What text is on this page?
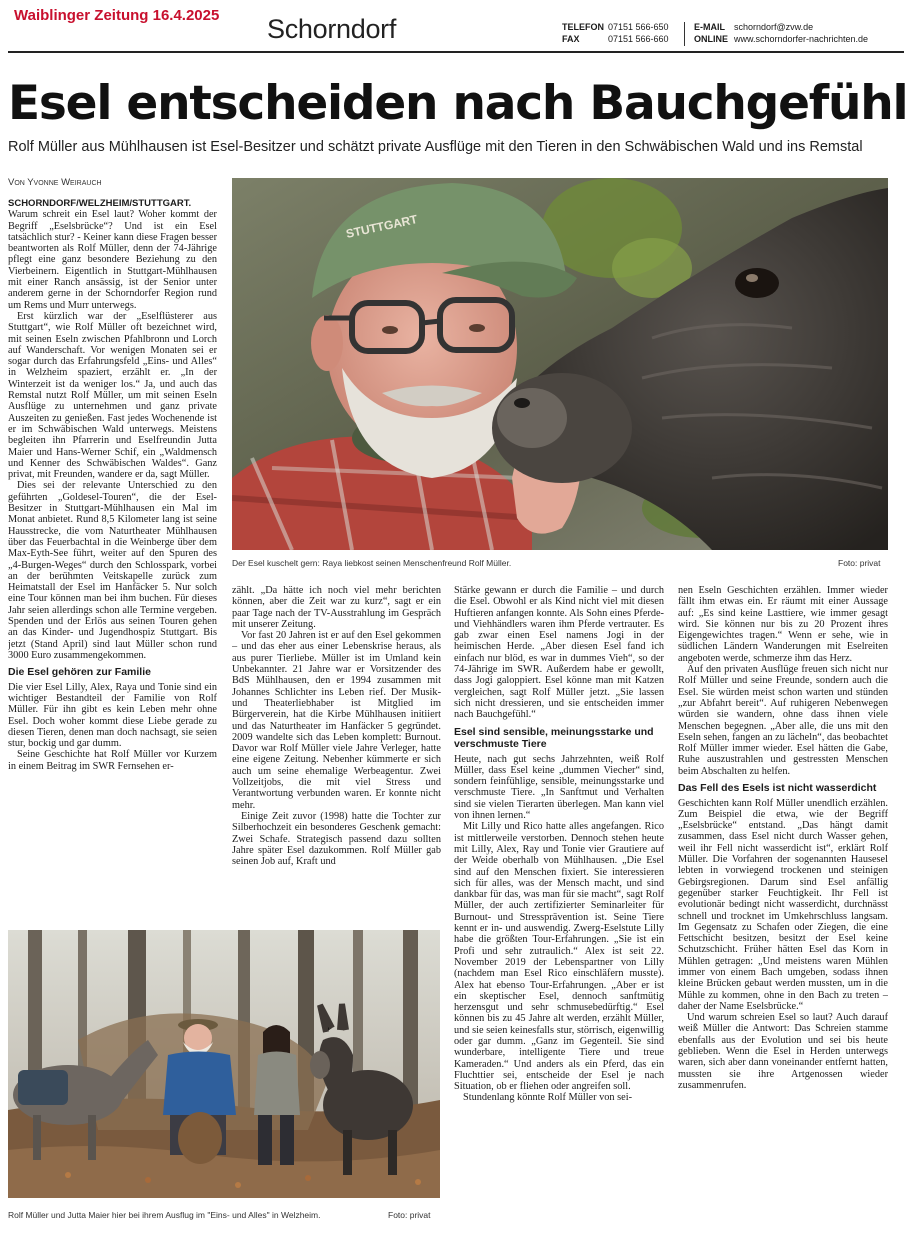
Waiblinger Zeitung 16.4.2025 Schorndorf	TELEFON 07151 566-650
FAX	07151 566-660
E-MAIL schorndorf@zvw.de
ONLINE www.schorndorfer-nachrichten.de
Esel entscheiden nach Bauchgefühl
Rolf Müller aus Mühlhausen ist Esel-Besitzer und schätzt private Ausflüge mit den Tieren in den Schwäbischen Wald und ins Remstal
Von Yvonne Weirauch
STUTTGART
Der Esel kuschelt gern: Raya liebkost seinen Menschenfreund Rolf Müller.	Foto: privat
Rolf Müller und Jutta Maier hier bei ihrem Ausflug im "Eins- und Alles" in Welzheim.	Foto: privat

SCHORNDORF/WELZHEIM/STUTTGART. Warum schreit ein Esel laut? Woher kommt der Begriff „Eselsbrücke“? Und ist ein Esel tatsächlich stur? - Keiner kann diese Fragen besser beantworten als Rolf Müller, denn der 74-Jährige pflegt eine ganz besondere Beziehung zu den Vierbeinern. Eigentlich in Stuttgart-Mühlhausen mit einer Ranch ansässig, ist der Senior unter anderem gerne in der Schorndorfer Region rund um Rems und Murr unterwegs.

Erst kürzlich war der „Eselflüsterer aus Stuttgart“, wie Rolf Müller oft bezeichnet wird, mit seinen Eseln zwischen Pfahlbronn und Lorch auf Wanderschaft. Vor wenigen Monaten sei er sogar durch das Erfahrungsfeld „Eins- und Alles“ in Welzheim spaziert, erzählt er. „In der Winterzeit ist da weniger los.“ Ja, und auch das Remstal nutzt Rolf Müller, um mit seinen Eseln Ausflüge zu unternehmen und ganz private Auszeiten zu genießen. Fast jedes Wochenende ist er im Schwäbischen Wald unterwegs. Meistens begleiten ihn Pfarrerin und Eselfreundin Jutta Maier und Hans-Werner Schif, ein „Waldmensch und Kenner des Schwäbischen Waldes“. Ganz privat, mit Freunden, wandere er da, sagt Müller.

Dies sei der relevante Unterschied zu den geführten „Goldesel-Touren“, die der Esel-Besitzer in Stuttgart-Mühlhausen ein Mal im Monat anbietet. Rund 8,5 Kilometer lang ist seine Hausstrecke, die vom Naturtheater Mühlhausen über das Feuerbachtal in die Weinberge über dem Max-Eyth-See führt, weiter auf den Spuren des „4-Burgen-Weges“ durch den Schlosspark, vorbei an der berühmten Veitskapelle zurück zum Heimatstall der Esel im Hanfäcker 5. Nur solch eine Tour können man bei ihm buchen. Für dieses Jahr seien allerdings schon alle Termine vergeben. Spenden und der Erlös aus seinen Touren gehen an das Kinder- und Jugendhospiz Stuttgart. Bis jetzt (Stand April) sind laut Müller schon rund 3000 Euro zusammengekommen.

Die Esel gehören zur Familie

Die vier Esel Lilly, Alex, Raya und Tonie sind ein wichtiger Bestandteil der Familie von Rolf Müller. Für ihn gibt es kein Leben mehr ohne Esel. Doch woher kommt diese Liebe gerade zu diesen Tieren, denen man doch nachsagt, sie seien stur, bockig und gar dumm.

Seine Geschichte hat Rolf Müller vor Kurzem in einem Beitrag im SWR Fernsehen er-

zählt. „Da hätte ich noch viel mehr berichten können, aber die Zeit war zu kurz“, sagt er ein paar Tage nach der TV-Ausstrahlung im Gespräch mit unserer Zeitung.

Vor fast 20 Jahren ist er auf den Esel gekommen – und das eher aus einer Lebenskrise heraus, als aus purer Tierliebe. Müller ist im Umland kein Unbekannter. 21 Jahre war er Vorsitzender des BdS Mühlhausen, den er 1994 zusammen mit Johannes Schlichter ins Leben rief. Der Musik- und Theaterliebhaber ist Mitglied im Bürgerverein, hat die Kirbe Mühlhausen initiiert und das Naturtheater im Hanfäcker 5 gegründet. 2009 wandelte sich das Leben komplett: Burnout. Davor war Rolf Müller viele Jahre Verleger, hatte eine eigene Zeitung. Nebenher kümmerte er sich auch um seine ehemalige Werbeagentur. Zwei Vollzeitjobs, die mit viel Stress und Verantwortung verbunden waren. Er konnte nicht mehr.

Einige Zeit zuvor (1998) hatte die Tochter zur Silberhochzeit ein besonderes Geschenk gemacht: Zwei Schafe. Strategisch passend dazu sollten Jahre später Esel dazukommen. Rolf Müller gab seinen Job auf, Kraft und

Stärke gewann er durch die Familie – und durch die Esel. Obwohl er als Kind nicht viel mit diesen Huftieren anfangen konnte. Als Sohn eines Pferde- und Viehhändlers waren ihm Pferde vertrauter. Es gab zwar einen Esel namens Jogi in der heimischen Herde. „Aber diesen Esel fand ich einfach nur blöd, es war in dummes Vieh“, so der 74-Jährige im SWR. Außerdem habe er gewollt, dass Jogi galoppiert. Esel könne man mit Katzen vergleichen, sagt Rolf Müller jetzt. „Sie lassen sich nicht dressieren, und sie entscheiden immer nach Bauchgefühl.“

Esel sind sensible, meinungsstarke und verschmuste Tiere

Heute, nach gut sechs Jahrzehnten, weiß Rolf Müller, dass Esel keine „dummen Viecher“ sind, sondern feinfühlige, sensible, meinungsstarke und verschmuste Tiere. „In Sanftmut und Verhalten sind sie vielen Tierarten überlegen. Man kann viel von ihnen lernen.“

Mit Lilly und Rico hatte alles angefangen. Rico ist mittlerweile verstorben. Dennoch stehen heute mit Lilly, Alex, Ray und Tonie vier Grautiere auf der Weide oberhalb von Mühlhausen. „Die Esel sind auf den Menschen fixiert. Sie interessieren sich für alles, was der Mensch macht, und sind dankbar für das, was man für sie macht“, sagt Rolf Müller, der auch zertifizierter Seminarleiter für Burnout- und Stressprävention ist. Seine Tiere kennt er in- und auswendig. Zwerg-Eselstute Lilly habe die größten Tour-Erfahrungen. „Sie ist ein Profi und sehr zutraulich.“ Alex ist seit 22. November 2019 der Lebenspartner von Lilly (nachdem man Esel Rico einschläfern musste). Alex hat ebenso Tour-Erfahrungen. „Aber er ist ein skeptischer Esel, dennoch sanftmütig herzensgut und sehr schmusebedürftig.“ Esel können bis zu 45 Jahre alt werden, erzählt Müller, und sie seien keinesfalls stur, störrisch, eigenwillig oder gar dumm. „Ganz im Gegenteil. Sie sind wunderbare, intelligente Tiere und treue Kameraden.“ Und anders als ein Pferd, das ein Fluchttier sei, entscheide der Esel je nach Situation, ob er fliehen oder angreifen soll.

Stundenlang könnte Rolf Müller von sei-

nen Eseln Geschichten erzählen. Immer wieder fällt ihm etwas ein. Er räumt mit einer Aussage auf: „Es sind keine Lasttiere, wie immer gesagt wird. Sie können nur bis zu 20 Prozent ihres Eigengewichtes tragen.“ Wenn er sehe, wie in südlichen Ländern Wanderungen mit Eselreiten angeboten werde, schmerze ihm das Herz.

Auf den privaten Ausflüge freuen sich nicht nur Rolf Müller und seine Freunde, sondern auch die Esel. Sie würden meist schon warten und stünden „zur Abfahrt bereit“. Auf ruhigeren Nebenwegen würden sie wandern, ohne dass ihnen viele Menschen begegnen. „Aber alle, die uns mit den Eseln sehen, fangen an zu lächeln“, das beobachtet Rolf Müller immer wieder. Esel hätten die Gabe, Ruhe auszustrahlen und gestressten Menschen beim Abschalten zu helfen.

Das Fell des Esels ist nicht wasserdicht

Geschichten kann Rolf Müller unendlich erzählen. Zum Beispiel die etwa, wie der Begriff „Eselsbrücke“ entstand. „Das hängt damit zusammen, dass Esel nicht durch Wasser gehen, weil ihr Fell nicht wasserdicht ist“, erklärt Rolf Müller. Die Vorfahren der sogenannten Hausesel lebten in vorwiegend trockenen und steinigen Gebirgsregionen. Darum sind Esel anfällig gegenüber starker Feuchtigkeit. Ihr Fell ist evolutionär bedingt nicht wasserdicht, durchnässt schnell und trocknet im Umkehrschluss langsam. Im Gegensatz zu Schafen oder Ziegen, die eine Fettschicht besitzen, besitzt der Esel keine Schutzschicht. Früher hätten Esel das Korn in Mühlen getragen: „Und meistens waren Mühlen immer von einem Bach umgeben, sodass ihnen kleine Brücken gebaut werden mussten, um in die Mühle zu kommen, ohne in den Bach zu treten – daher der Name Eselsbrücke.“

Und warum schreien Esel so laut? Auch darauf weiß Müller die Antwort: Das Schreien stamme ebenfalls aus der Evolution und sei bis heute geblieben. Wenn die Esel in Herden unterwegs waren, sich aber dann voneinander entfernt hatten, mussten sie ihre Artgenossen wieder zusammenrufen.
